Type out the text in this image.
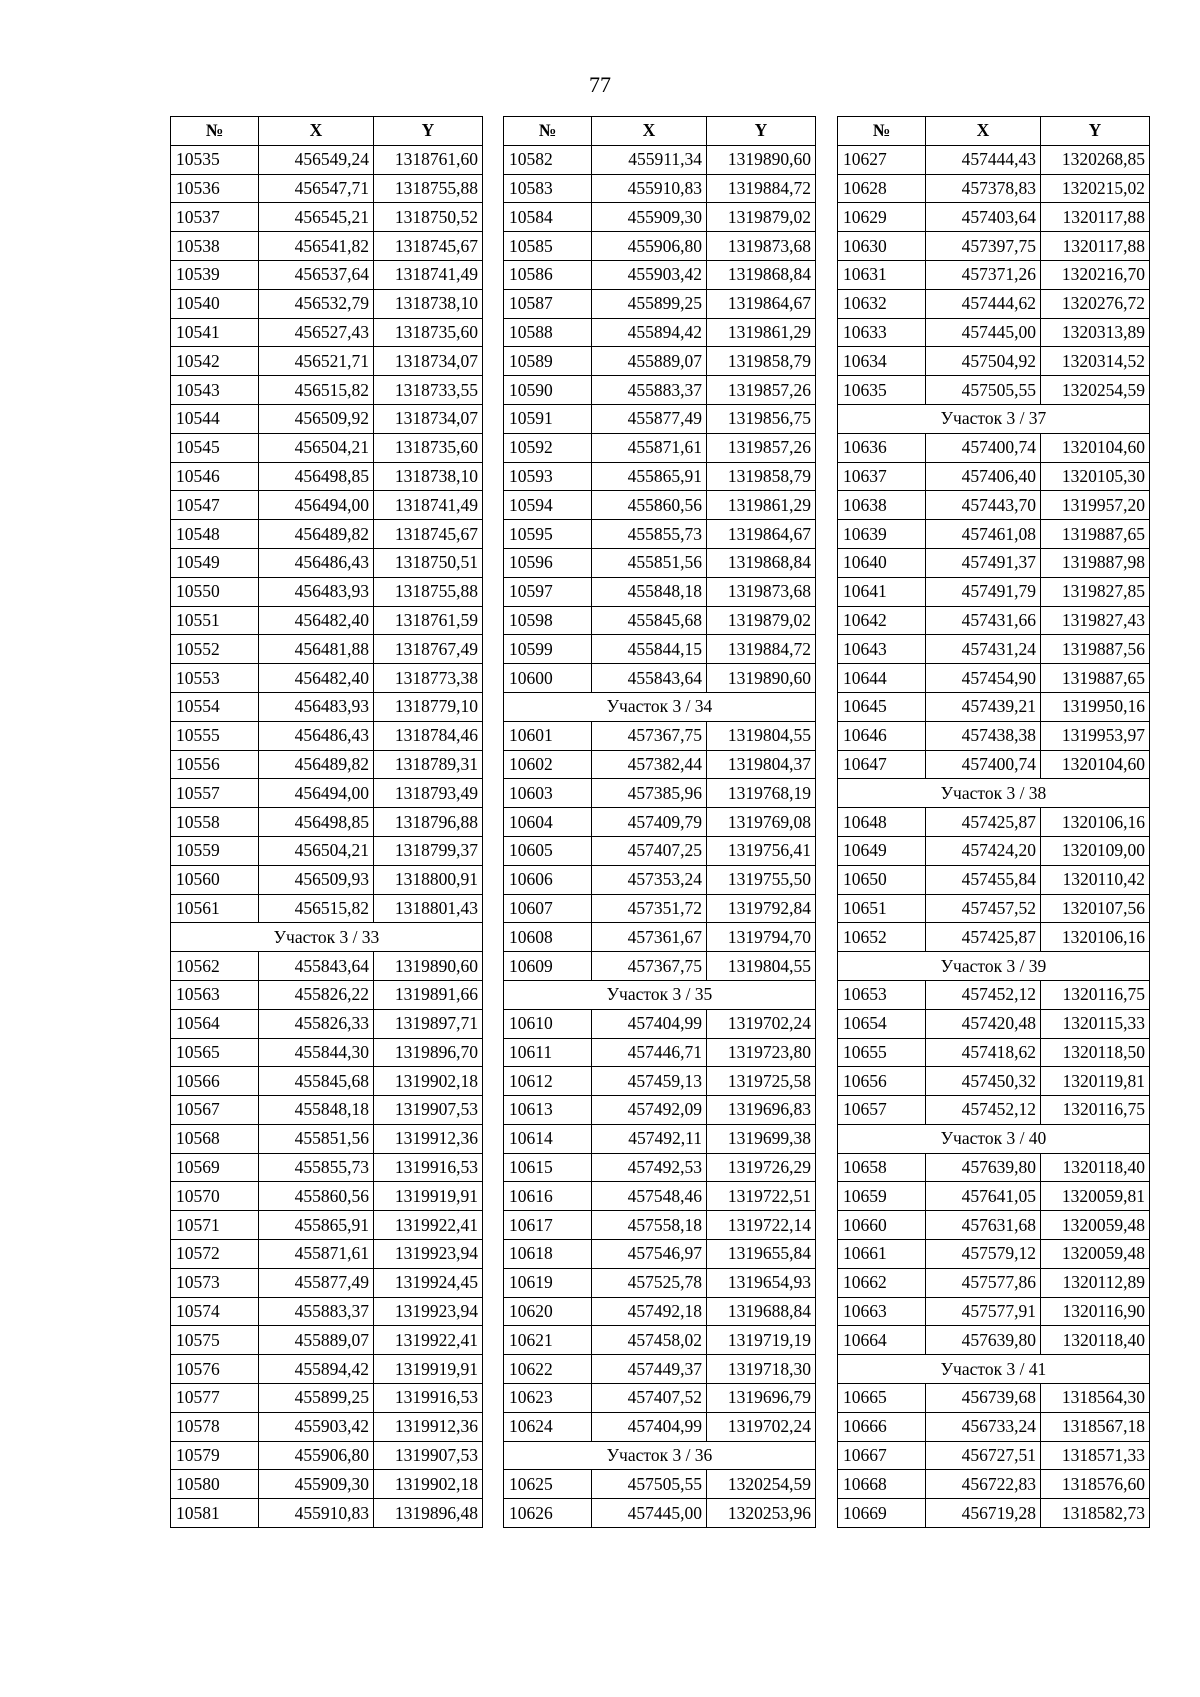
77
№	X	Y
10535	456549,24	1318761,60
10536	456547,71	1318755,88
10537	456545,21	1318750,52
10538	456541,82	1318745,67
10539	456537,64	1318741,49
10540	456532,79	1318738,10
10541	456527,43	1318735,60
10542	456521,71	1318734,07
10543	456515,82	1318733,55
10544	456509,92	1318734,07
10545	456504,21	1318735,60
10546	456498,85	1318738,10
10547	456494,00	1318741,49
10548	456489,82	1318745,67
10549	456486,43	1318750,51
10550	456483,93	1318755,88
10551	456482,40	1318761,59
10552	456481,88	1318767,49
10553	456482,40	1318773,38
10554	456483,93	1318779,10
10555	456486,43	1318784,46
10556	456489,82	1318789,31
10557	456494,00	1318793,49
10558	456498,85	1318796,88
10559	456504,21	1318799,37
10560	456509,93	1318800,91
10561	456515,82	1318801,43
Участок 3 / 33		
10562	455843,64	1319890,60
10563	455826,22	1319891,66
10564	455826,33	1319897,71
10565	455844,30	1319896,70
10566	455845,68	1319902,18
10567	455848,18	1319907,53
10568	455851,56	1319912,36
10569	455855,73	1319916,53
10570	455860,56	1319919,91
10571	455865,91	1319922,41
10572	455871,61	1319923,94
10573	455877,49	1319924,45
10574	455883,37	1319923,94
10575	455889,07	1319922,41
10576	455894,42	1319919,91
10577	455899,25	1319916,53
10578	455903,42	1319912,36
10579	455906,80	1319907,53
10580	455909,30	1319902,18
10581	455910,83	1319896,48
№	X	Y
10582	455911,34	1319890,60
10583	455910,83	1319884,72
10584	455909,30	1319879,02
10585	455906,80	1319873,68
10586	455903,42	1319868,84
10587	455899,25	1319864,67
10588	455894,42	1319861,29
10589	455889,07	1319858,79
10590	455883,37	1319857,26
10591	455877,49	1319856,75
10592	455871,61	1319857,26
10593	455865,91	1319858,79
10594	455860,56	1319861,29
10595	455855,73	1319864,67
10596	455851,56	1319868,84
10597	455848,18	1319873,68
10598	455845,68	1319879,02
10599	455844,15	1319884,72
10600	455843,64	1319890,60
Участок 3 / 34		
10601	457367,75	1319804,55
10602	457382,44	1319804,37
10603	457385,96	1319768,19
10604	457409,79	1319769,08
10605	457407,25	1319756,41
10606	457353,24	1319755,50
10607	457351,72	1319792,84
10608	457361,67	1319794,70
10609	457367,75	1319804,55
Участок 3 / 35		
10610	457404,99	1319702,24
10611	457446,71	1319723,80
10612	457459,13	1319725,58
10613	457492,09	1319696,83
10614	457492,11	1319699,38
10615	457492,53	1319726,29
10616	457548,46	1319722,51
10617	457558,18	1319722,14
10618	457546,97	1319655,84
10619	457525,78	1319654,93
10620	457492,18	1319688,84
10621	457458,02	1319719,19
10622	457449,37	1319718,30
10623	457407,52	1319696,79
10624	457404,99	1319702,24
Участок 3 / 36		
10625	457505,55	1320254,59
10626	457445,00	1320253,96
№	X	Y
10627	457444,43	1320268,85
10628	457378,83	1320215,02
10629	457403,64	1320117,88
10630	457397,75	1320117,88
10631	457371,26	1320216,70
10632	457444,62	1320276,72
10633	457445,00	1320313,89
10634	457504,92	1320314,52
10635	457505,55	1320254,59
Участок 3 / 37		
10636	457400,74	1320104,60
10637	457406,40	1320105,30
10638	457443,70	1319957,20
10639	457461,08	1319887,65
10640	457491,37	1319887,98
10641	457491,79	1319827,85
10642	457431,66	1319827,43
10643	457431,24	1319887,56
10644	457454,90	1319887,65
10645	457439,21	1319950,16
10646	457438,38	1319953,97
10647	457400,74	1320104,60
Участок 3 / 38		
10648	457425,87	1320106,16
10649	457424,20	1320109,00
10650	457455,84	1320110,42
10651	457457,52	1320107,56
10652	457425,87	1320106,16
Участок 3 / 39		
10653	457452,12	1320116,75
10654	457420,48	1320115,33
10655	457418,62	1320118,50
10656	457450,32	1320119,81
10657	457452,12	1320116,75
Участок 3 / 40		
10658	457639,80	1320118,40
10659	457641,05	1320059,81
10660	457631,68	1320059,48
10661	457579,12	1320059,48
10662	457577,86	1320112,89
10663	457577,91	1320116,90
10664	457639,80	1320118,40
Участок 3 / 41		
10665	456739,68	1318564,30
10666	456733,24	1318567,18
10667	456727,51	1318571,33
10668	456722,83	1318576,60
10669	456719,28	1318582,73
